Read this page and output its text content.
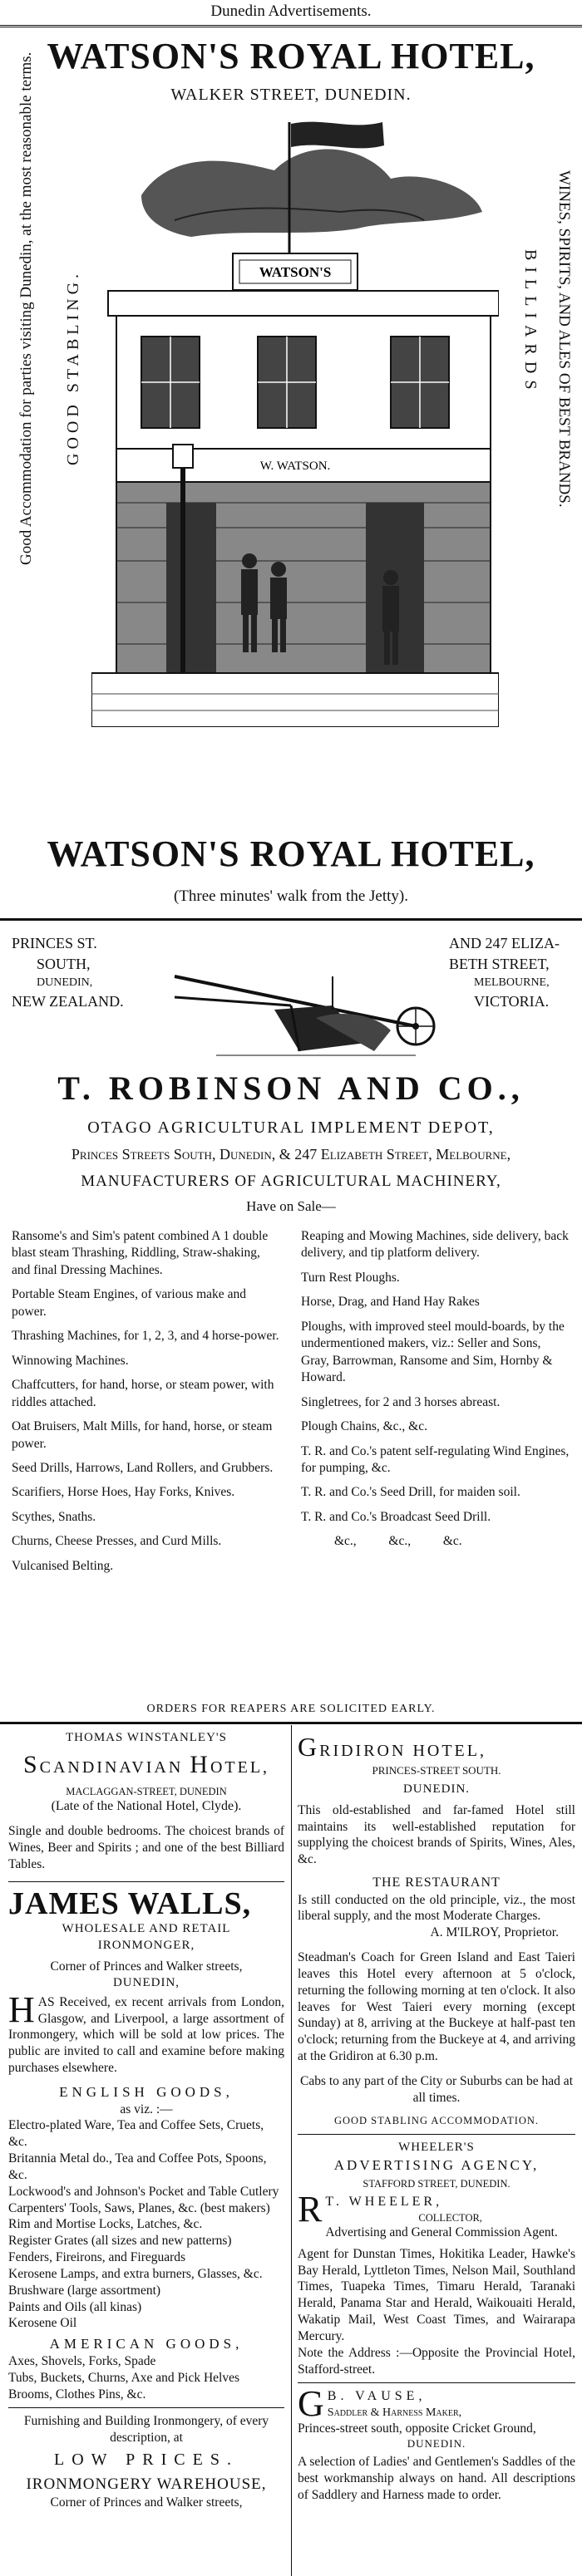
Dunedin Advertisements.
WATSON'S ROYAL HOTEL,
WALKER STREET, DUNEDIN.
Good Accommodation for parties visiting Dunedin, at the most reasonable terms. GOOD STABLING.	WINES, SPIRITS, AND ALES OF BEST BRANDS.
BILLIARDS
WATSON'S
W. WATSON.
WATSON'S ROYAL HOTEL,
(Three minutes' walk from the Jetty).
PRINCES ST.
SOUTH,
DUNEDIN,
NEW ZEALAND.
AND 247 ELIZA-
BETH STREET,
MELBOURNE,
VICTORIA.
T. ROBINSON AND CO.,
OTAGO AGRICULTURAL IMPLEMENT DEPOT,
Princes Streets South, Dunedin, & 247 Elizabeth Street, Melbourne,
MANUFACTURERS OF AGRICULTURAL MACHINERY,
Have on Sale—
Ransome's and Sim's patent combined A 1 double blast steam Thrashing, Riddling, Straw-shaking, and final Dressing Machines.
Portable Steam Engines, of various make and power.
Thrashing Machines, for 1, 2, 3, and 4 horse-power.
Winnowing Machines.
Chaffcutters, for hand, horse, or steam power, with riddles attached.
Oat Bruisers, Malt Mills, for hand, horse, or steam power.
Seed Drills, Harrows, Land Rollers, and Grubbers.
Scarifiers, Horse Hoes, Hay Forks, Knives.
Scythes, Snaths.
Churns, Cheese Presses, and Curd Mills.
Vulcanised Belting.
Reaping and Mowing Machines, side delivery, back delivery, and tip platform delivery.
Turn Rest Ploughs.
Horse, Drag, and Hand Hay Rakes
Ploughs, with improved steel mould-boards, by the undermentioned makers, viz.: Seller and Sons, Gray, Barrowman, Ransome and Sim, Hornby & Howard.
Singletrees, for 2 and 3 horses abreast.
Plough Chains, &c., &c.
T. R. and Co.'s patent self-regulating Wind Engines, for pumping, &c.
T. R. and Co.'s Seed Drill, for maiden soil.
T. R. and Co.'s Broadcast Seed Drill.
&c.,          &c.,          &c.
ORDERS FOR REAPERS ARE SOLICITED EARLY.
THOMAS WINSTANLEY'S
SCANDINAVIAN HOTEL,
MACLAGGAN-STREET, DUNEDIN
(Late of the National Hotel, Clyde).
Single and double bedrooms. The choicest brands of Wines, Beer and Spirits ; and one of the best Billiard Tables.
JAMES WALLS,
WHOLESALE AND RETAIL
IRONMONGER,
Corner of Princes and Walker streets,
DUNEDIN,
HAS Received, ex recent arrivals from London, Glasgow, and Liverpool, a large assortment of Ironmongery, which will be sold at low prices. The public are invited to call and examine before making purchases elsewhere.
ENGLISH GOODS,
as viz. :—
Electro-plated Ware, Tea and Coffee Sets, Cruets, &c.
Britannia Metal do., Tea and Coffee Pots, Spoons, &c.
Lockwood's and Johnson's Pocket and Table Cutlery
Carpenters' Tools, Saws, Planes, &c. (best makers)
Rim and Mortise Locks, Latches, &c.
Register Grates (all sizes and new patterns)
Fenders, Fireirons, and Fireguards
Kerosene Lamps, and extra burners, Glasses, &c.
Brushware (large assortment)
Paints and Oils (all kinas)
Kerosene Oil
AMERICAN GOODS,
Axes, Shovels, Forks, Spade
Tubs, Buckets, Churns, Axe and Pick Helves
Brooms, Clothes Pins, &c.
Furnishing and Building Ironmongery, of every description, at
LOW PRICES.
IRONMONGERY WAREHOUSE,
Corner of Princes and Walker streets,
GRIDIRON HOTEL,
PRINCES-STREET SOUTH.
DUNEDIN.
This old-established and far-famed Hotel still maintains its well-established reputation for supplying the choicest brands of Spirits, Wines, Ales, &c.
THE RESTAURANT
Is still conducted on the old principle, viz., the most liberal supply, and the most Moderate Charges.
A. M'ILROY, Proprietor.
Steadman's Coach for Green Island and East Taieri leaves this Hotel every afternoon at 5 o'clock, returning the following morning at ten o'clock. It also leaves for West Taieri every morning (except Sunday) at 8, arriving at the Buckeye at half-past ten o'clock; returning from the Buckeye at 4, and arriving at the Gridiron at 6.30 p.m.
Cabs to any part of the City or Suburbs can be had at all times.
GOOD STABLING ACCOMMODATION.
WHEELER'S
ADVERTISING AGENCY,
STAFFORD STREET, DUNEDIN.
R T. WHEELER,
COLLECTOR,
Advertising and General Commission Agent.
Agent for Dunstan Times, Hokitika Leader, Hawke's Bay Herald, Lyttleton Times, Nelson Mail, Southland Times, Tuapeka Times, Timaru Herald, Taranaki Herald, Panama Star and Herald, Waikouaiti Herald, Wakatip Mail, West Coast Times, and Wairarapa Mercury.
Note the Address :—Opposite the Provincial Hotel, Stafford-street.
G B. VAUSE,
Saddler & Harness Maker,
Princes-street south, opposite Cricket Ground,
DUNEDIN.
A selection of Ladies' and Gentlemen's Saddles of the best workmanship always on hand. All descriptions of Saddlery and Harness made to order.
